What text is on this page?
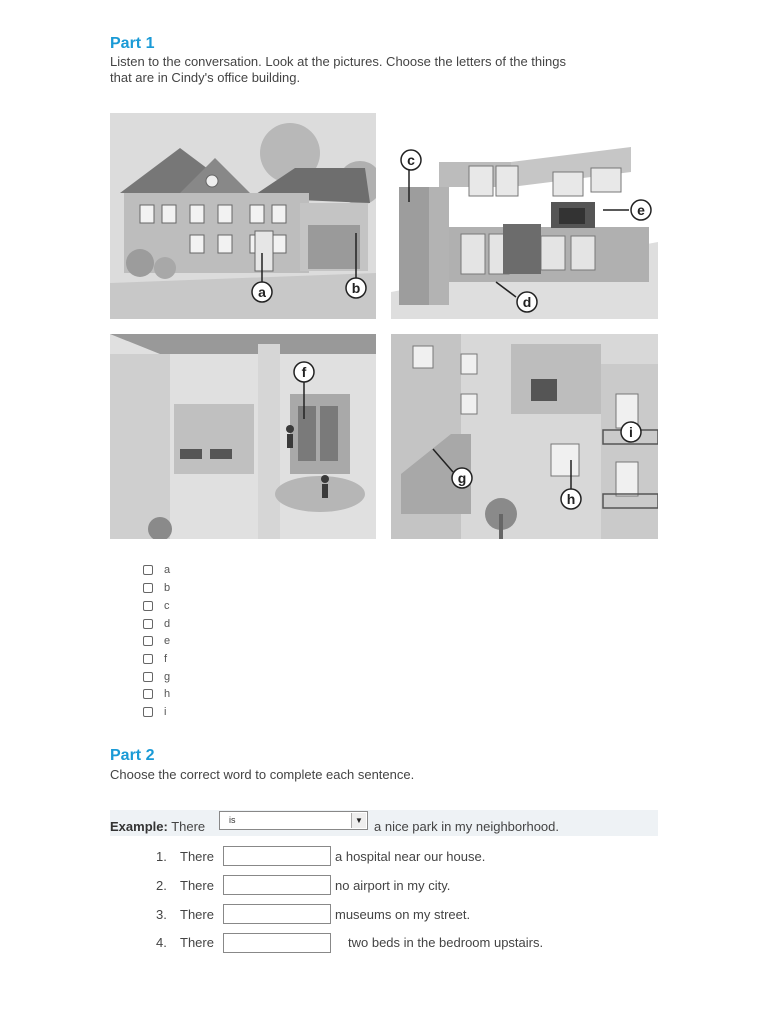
Part 1
Listen to the conversation. Look at the pictures. Choose the letters of the things
that are in Cindy's office building.
a	b
c
d
e
f
g
h
i
a
b
c
d
e
f
g
h
i
Part 2
Choose the correct word to complete each sentence.
Example: There	is	▼ a nice park in my neighborhood.
1. There	a hospital near our house.
2. There	no airport in my city.
3. There	museums on my street.
4. There	two beds in the bedroom upstairs.
